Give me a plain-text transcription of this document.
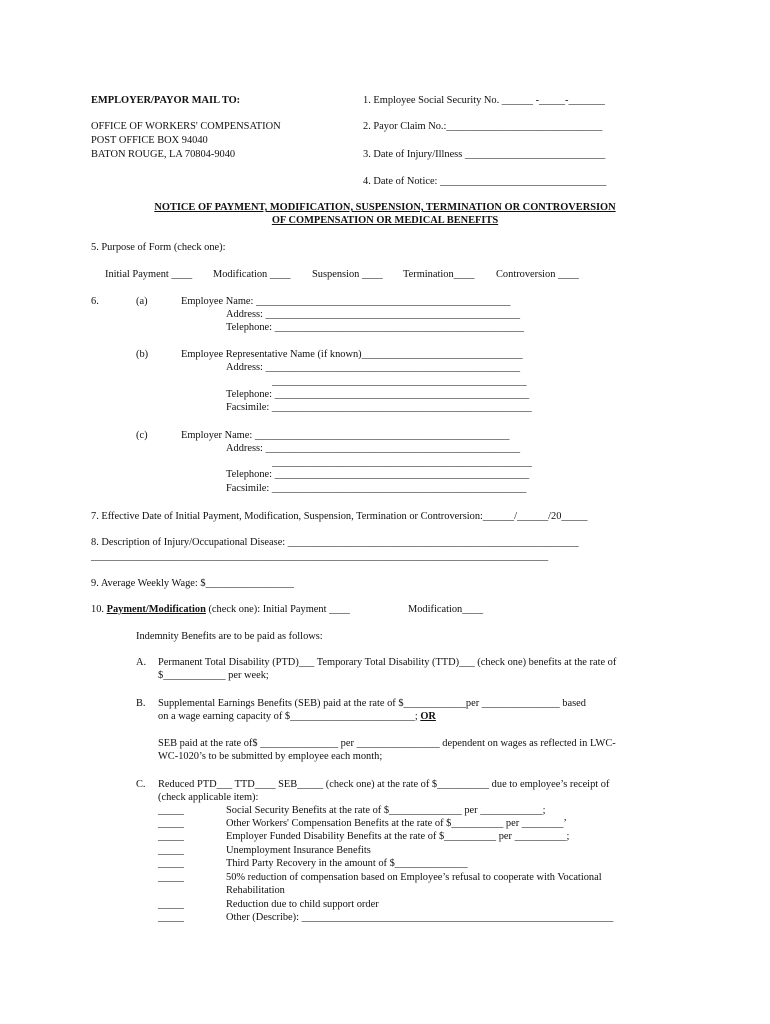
EMPLOYER/PAYOR MAIL TO:
OFFICE OF WORKERS' COMPENSATION
POST OFFICE BOX 94040
BATON ROUGE, LA 70804-9040
1. Employee Social Security No. ______ -_____-_______
2. Payor Claim No.:______________________________
3. Date of Injury/Illness ___________________________
4. Date of Notice: ________________________________
NOTICE OF PAYMENT, MODIFICATION, SUSPENSION, TERMINATION OR CONTROVERSION
OF COMPENSATION OR MEDICAL BENEFITS
5. Purpose of Form (check one):
Initial Payment ____ Modification ____ Suspension ____ Termination____ Controversion ____
6.	(a)	Employee Name: _________________________________________________
Address: _________________________________________________
Telephone: ________________________________________________
(b)	Employee Representative Name (if known)_______________________________
Address: _________________________________________________
_________________________________________________
Telephone: _________________________________________________
Facsimile: __________________________________________________
(c)	Employer Name: _________________________________________________
Address: _________________________________________________
__________________________________________________
Telephone: _________________________________________________
Facsimile: _________________________________________________
7. Effective Date of Initial Payment, Modification, Suspension, Termination or Controversion:______/______/20_____
8. Description of Injury/Occupational Disease: ________________________________________________________
________________________________________________________________________________________
9. Average Weekly Wage: $_________________
10. Payment/Modification (check one): Initial Payment ____	Modification____
Indemnity Benefits are to be paid as follows:
A. Permanent Total Disability (PTD)___ Temporary Total Disability (TTD)___ (check one) benefits at the rate of
$____________ per week;
B. Supplemental Earnings Benefits (SEB) paid at the rate of $____________per _______________ based
on a wage earning capacity of $________________________; OR
SEB paid at the rate of$ _______________ per ________________ dependent on wages as reflected in LWC-
WC-1020’s to be submitted by employee each month;
C. Reduced PTD___ TTD____ SEB_____ (check one) at the rate of $__________ due to employee’s receipt of
(check applicable item):
_____	Social Security Benefits at the rate of $______________ per ____________;
_____	Other Workers' Compensation Benefits at the rate of $__________ per ________’
_____	Employer Funded Disability Benefits at the rate of $__________ per __________;
_____	Unemployment Insurance Benefits
_____	Third Party Recovery in the amount of $______________
_____	50% reduction of compensation based on Employee’s refusal to cooperate with Vocational
Rehabilitation
_____	Reduction due to child support order
_____	Other (Describe): ____________________________________________________________
